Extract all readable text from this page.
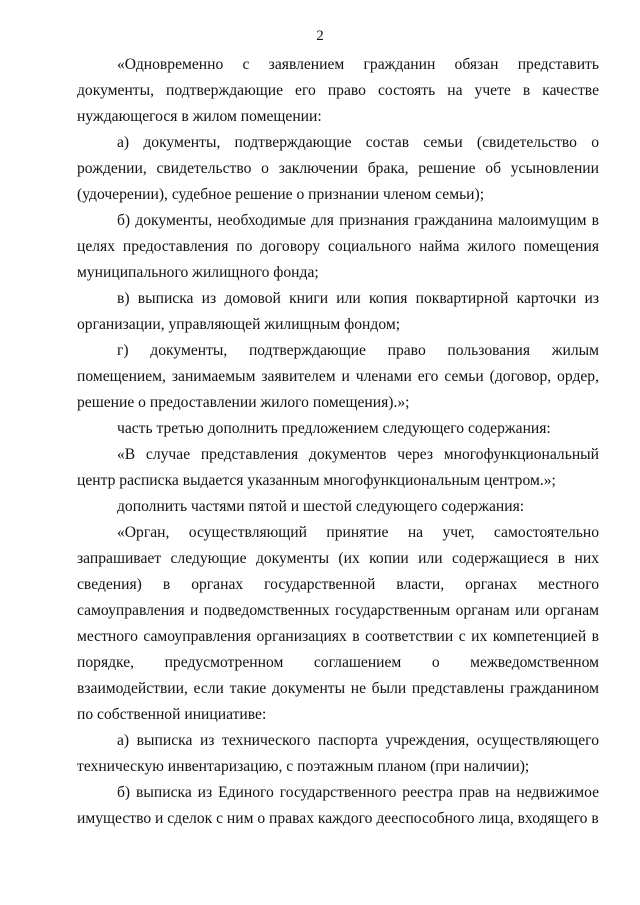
2

«Одновременно с заявлением гражданин обязан представить документы, подтверждающие его право состоять на учете в качестве нуждающегося в жилом помещении:

а) документы, подтверждающие состав семьи (свидетельство о рождении, свидетельство о заключении брака, решение об усыновлении (удочерении), судебное решение о признании членом семьи);

б) документы, необходимые для признания гражданина малоимущим в целях предоставления по договору социального найма жилого помещения муниципального жилищного фонда;

в) выписка из домовой книги или копия поквартирной карточки из организации, управляющей жилищным фондом;

г) документы, подтверждающие право пользования жилым помещением, занимаемым заявителем и членами его семьи (договор, ордер, решение о предоставлении жилого помещения).»;

часть третью дополнить предложением следующего содержания:

«В случае представления документов через многофункциональный центр расписка выдается указанным многофункциональным центром.»;

дополнить частями пятой и шестой следующего содержания:

«Орган, осуществляющий принятие на учет, самостоятельно запрашивает следующие документы (их копии или содержащиеся в них сведения) в органах государственной власти, органах местного самоуправления и подведомственных государственным органам или органам местного самоуправления организациях в соответствии с их компетенцией в порядке, предусмотренном соглашением о межведомственном взаимодействии, если такие документы не были представлены гражданином по собственной инициативе:

а) выписка из технического паспорта учреждения, осуществляющего техническую инвентаризацию, с поэтажным планом (при наличии);

б) выписка из Единого государственного реестра прав на недвижимое имущество и сделок с ним о правах каждого дееспособного лица, входящего в
